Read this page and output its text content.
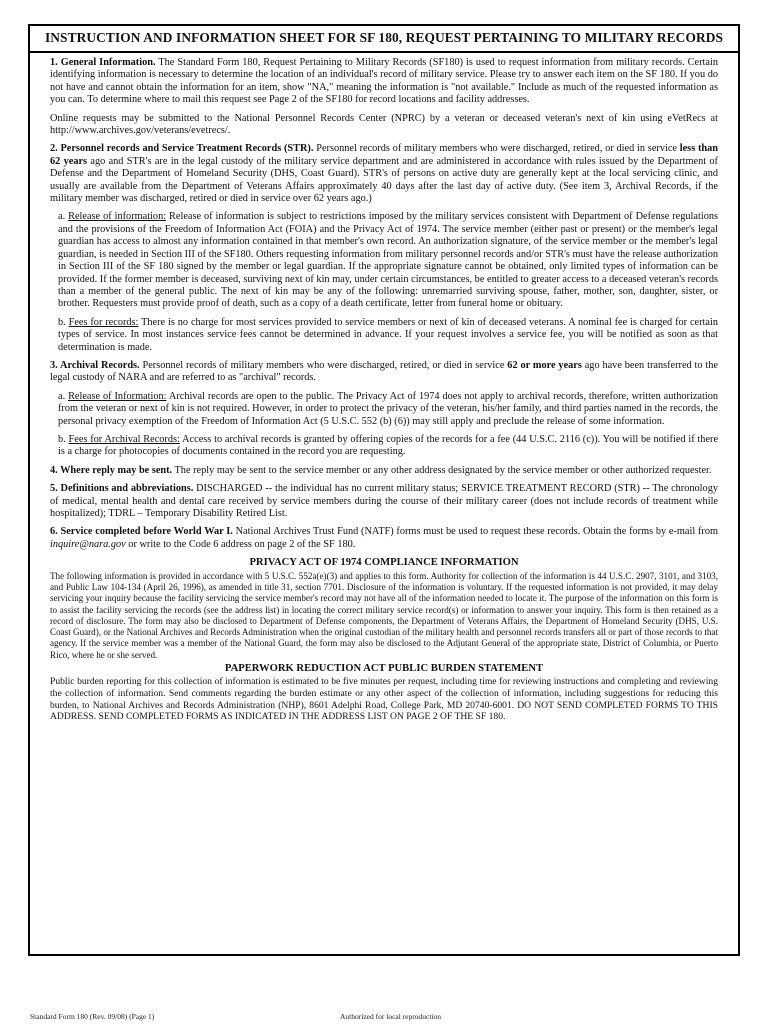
INSTRUCTION AND INFORMATION SHEET FOR SF 180, REQUEST PERTAINING TO MILITARY RECORDS

1. General Information. The Standard Form 180, Request Pertaining to Military Records (SF180) is used to request information from military records. Certain identifying information is necessary to determine the location of an individual's record of military service. Please try to answer each item on the SF 180. If you do not have and cannot obtain the information for an item, show "NA," meaning the information is "not available." Include as much of the requested information as you can. To determine where to mail this request see Page 2 of the SF180 for record locations and facility addresses.

Online requests may be submitted to the National Personnel Records Center (NPRC) by a veteran or deceased veteran's next of kin using eVetRecs at http://www.archives.gov/veterans/evetrecs/.

2. Personnel records and Service Treatment Records (STR). Personnel records of military members who were discharged, retired, or died in service less than 62 years ago and STR's are in the legal custody of the military service department and are administered in accordance with rules issued by the Department of Defense and the Department of Homeland Security (DHS, Coast Guard). STR's of persons on active duty are generally kept at the local servicing clinic, and usually are available from the Department of Veterans Affairs approximately 40 days after the last day of active duty. (See item 3, Archival Records, if the military member was discharged, retired or died in service over 62 years ago.)

a. Release of information: Release of information is subject to restrictions imposed by the military services consistent with Department of Defense regulations and the provisions of the Freedom of Information Act (FOIA) and the Privacy Act of 1974. The service member (either past or present) or the member's legal guardian has access to almost any information contained in that member's own record. An authorization signature, of the service member or the member's legal guardian, is needed in Section III of the SF180. Others requesting information from military personnel records and/or STR's must have the release authorization in Section III of the SF 180 signed by the member or legal guardian. If the appropriate signature cannot be obtained, only limited types of information can be provided. If the former member is deceased, surviving next of kin may, under certain circumstances, be entitled to greater access to a deceased veteran's records than a member of the general public. The next of kin may be any of the following: unremarried surviving spouse, father, mother, son, daughter, sister, or brother. Requesters must provide proof of death, such as a copy of a death certificate, letter from funeral home or obituary.

b. Fees for records: There is no charge for most services provided to service members or next of kin of deceased veterans. A nominal fee is charged for certain types of service. In most instances service fees cannot be determined in advance. If your request involves a service fee, you will be notified as soon as that determination is made.

3. Archival Records. Personnel records of military members who were discharged, retired, or died in service 62 or more years ago have been transferred to the legal custody of NARA and are referred to as "archival" records.

a. Release of Information: Archival records are open to the public. The Privacy Act of 1974 does not apply to archival records, therefore, written authorization from the veteran or next of kin is not required. However, in order to protect the privacy of the veteran, his/her family, and third parties named in the records, the personal privacy exemption of the Freedom of Information Act (5 U.S.C. 552 (b) (6)) may still apply and preclude the release of some information.

b. Fees for Archival Records: Access to archival records is granted by offering copies of the records for a fee (44 U.S.C. 2116 (c)). You will be notified if there is a charge for photocopies of documents contained in the record you are requesting.

4. Where reply may be sent. The reply may be sent to the service member or any other address designated by the service member or other authorized requester.

5. Definitions and abbreviations. DISCHARGED -- the individual has no current military status; SERVICE TREATMENT RECORD (STR) -- The chronology of medical, mental health and dental care received by service members during the course of their military career (does not include records of treatment while hospitalized); TDRL – Temporary Disability Retired List.

6. Service completed before World War I. National Archives Trust Fund (NATF) forms must be used to request these records. Obtain the forms by e-mail from inquire@nara.gov or write to the Code 6 address on page 2 of the SF 180.

PRIVACY ACT OF 1974 COMPLIANCE INFORMATION

The following information is provided in accordance with 5 U.S.C. 552a(e)(3) and applies to this form. Authority for collection of the information is 44 U.S.C. 2907, 3101, and 3103, and Public Law 104-134 (April 26, 1996), as amended in title 31, section 7701. Disclosure of the information is voluntary. If the requested information is not provided, it may delay servicing your inquiry because the facility servicing the service member's record may not have all of the information needed to locate it. The purpose of the information on this form is to assist the facility servicing the records (see the address list) in locating the correct military service record(s) or information to answer your inquiry. This form is then retained as a record of disclosure. The form may also be disclosed to Department of Defense components, the Department of Veterans Affairs, the Department of Homeland Security (DHS, U.S. Coast Guard), or the National Archives and Records Administration when the original custodian of the military health and personnel records transfers all or part of those records to that agency. If the service member was a member of the National Guard, the form may also be disclosed to the Adjutant General of the appropriate state, District of Columbia, or Puerto Rico, where he or she served.

PAPERWORK REDUCTION ACT PUBLIC BURDEN STATEMENT

Public burden reporting for this collection of information is estimated to be five minutes per request, including time for reviewing instructions and completing and reviewing the collection of information. Send comments regarding the burden estimate or any other aspect of the collection of information, including suggestions for reducing this burden, to National Archives and Records Administration (NHP), 8601 Adelphi Road, College Park, MD 20740-6001. DO NOT SEND COMPLETED FORMS TO THIS ADDRESS. SEND COMPLETED FORMS AS INDICATED IN THE ADDRESS LIST ON PAGE 2 OF THE SF 180.

Standard Form 180 (Rev. 09/08) (Page 1)	Authorized for local reproduction
